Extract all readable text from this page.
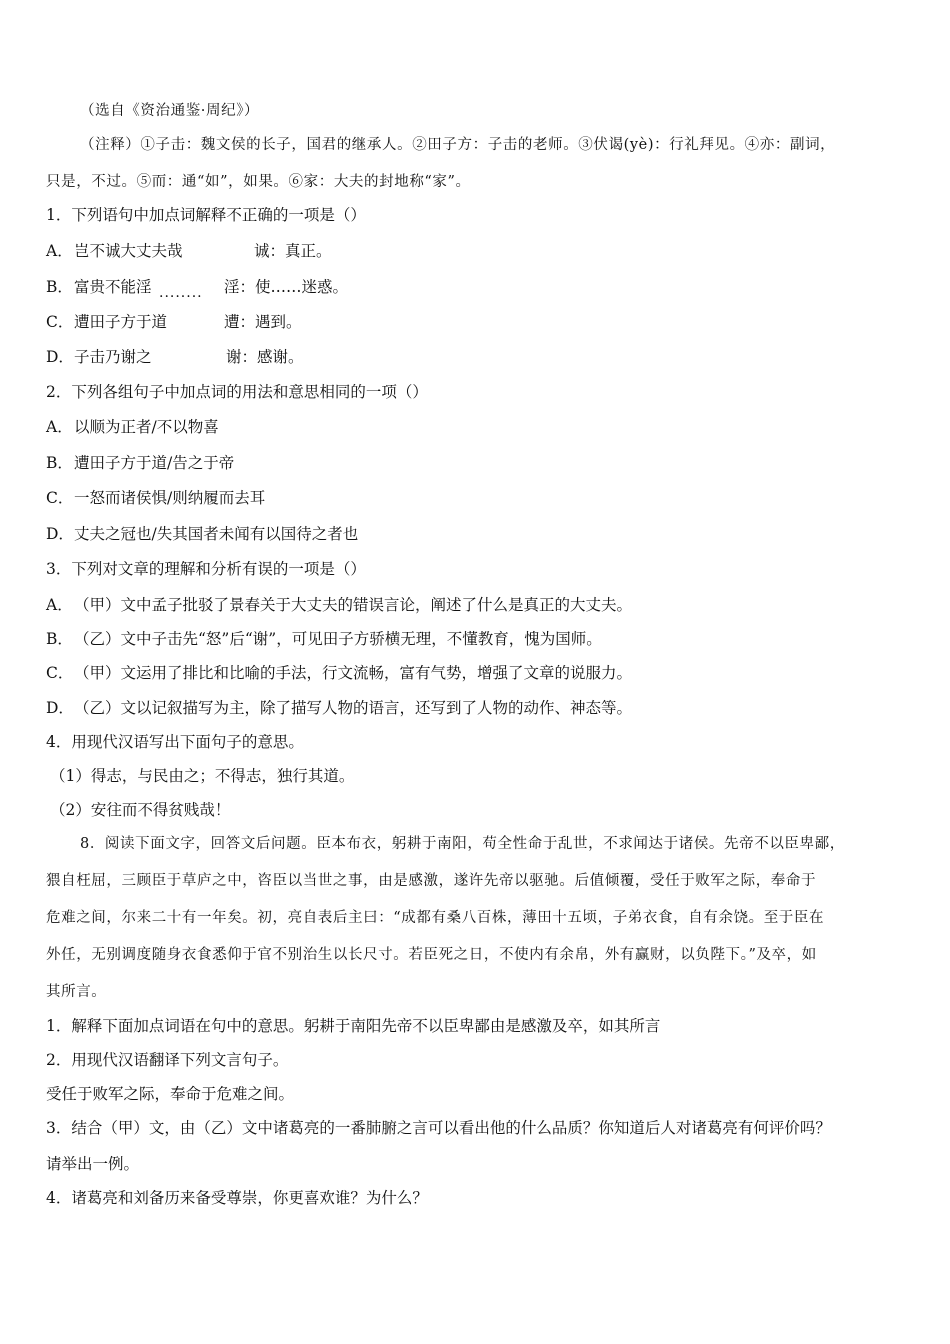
（选自《资治通鉴·周纪》）
（注释）①子击：魏文侯的长子，国君的继承人。②田子方：子击的老师。③伏谒(yè)：行礼拜见。④亦：副词，
只是，不过。⑤而：通“如”，如果。⑥家：大夫的封地称“家”。
1．下列语句中加点词解释不正确的一项是（）
A．岂不诚大丈夫哉	诚：真正。
B．富贵不能淫 ........ 淫：使……迷惑。
C．遭田子方于道	遭：遇到。
D．子击乃谢之	谢：感谢。
2．下列各组句子中加点词的用法和意思相同的一项（）
A．以顺为正者/不以物喜
B．遭田子方于道/告之于帝
C．一怒而诸侯惧/则纳履而去耳
D．丈夫之冠也/失其国者未闻有以国待之者也
3．下列对文章的理解和分析有误的一项是（）
A．（甲）文中孟子批驳了景春关于大丈夫的错误言论，阐述了什么是真正的大丈夫。
B．（乙）文中子击先“怒”后“谢”，可见田子方骄横无理，不懂教育，愧为国师。
C．（甲）文运用了排比和比喻的手法，行文流畅，富有气势，增强了文章的说服力。
D．（乙）文以记叙描写为主，除了描写人物的语言，还写到了人物的动作、神态等。
4．用现代汉语写出下面句子的意思。
（1）得志，与民由之；不得志，独行其道。
（2）安往而不得贫贱哉！
8．阅读下面文字，回答文后问题。臣本布衣，躬耕于南阳，苟全性命于乱世，不求闻达于诸侯。先帝不以臣卑鄙，
猥自枉屈，三顾臣于草庐之中，咨臣以当世之事，由是感激，遂许先帝以驱驰。后值倾覆，受任于败军之际，奉命于
危难之间，尔来二十有一年矣。初，亮自表后主曰：“成都有桑八百株，薄田十五顷，子弟衣食，自有余饶。至于臣在
外任，无别调度随身衣食悉仰于官不别治生以长尺寸。若臣死之日，不使内有余帛，外有赢财，以负陛下。”及卒，如
其所言。
1．解释下面加点词语在句中的意思。躬耕于南阳先帝不以臣卑鄙由是感激及卒，如其所言
2．用现代汉语翻译下列文言句子。
受任于败军之际，奉命于危难之间。
3．结合（甲）文，由（乙）文中诸葛亮的一番肺腑之言可以看出他的什么品质？你知道后人对诸葛亮有何评价吗？
请举出一例。
4．诸葛亮和刘备历来备受尊崇，你更喜欢谁？为什么？
